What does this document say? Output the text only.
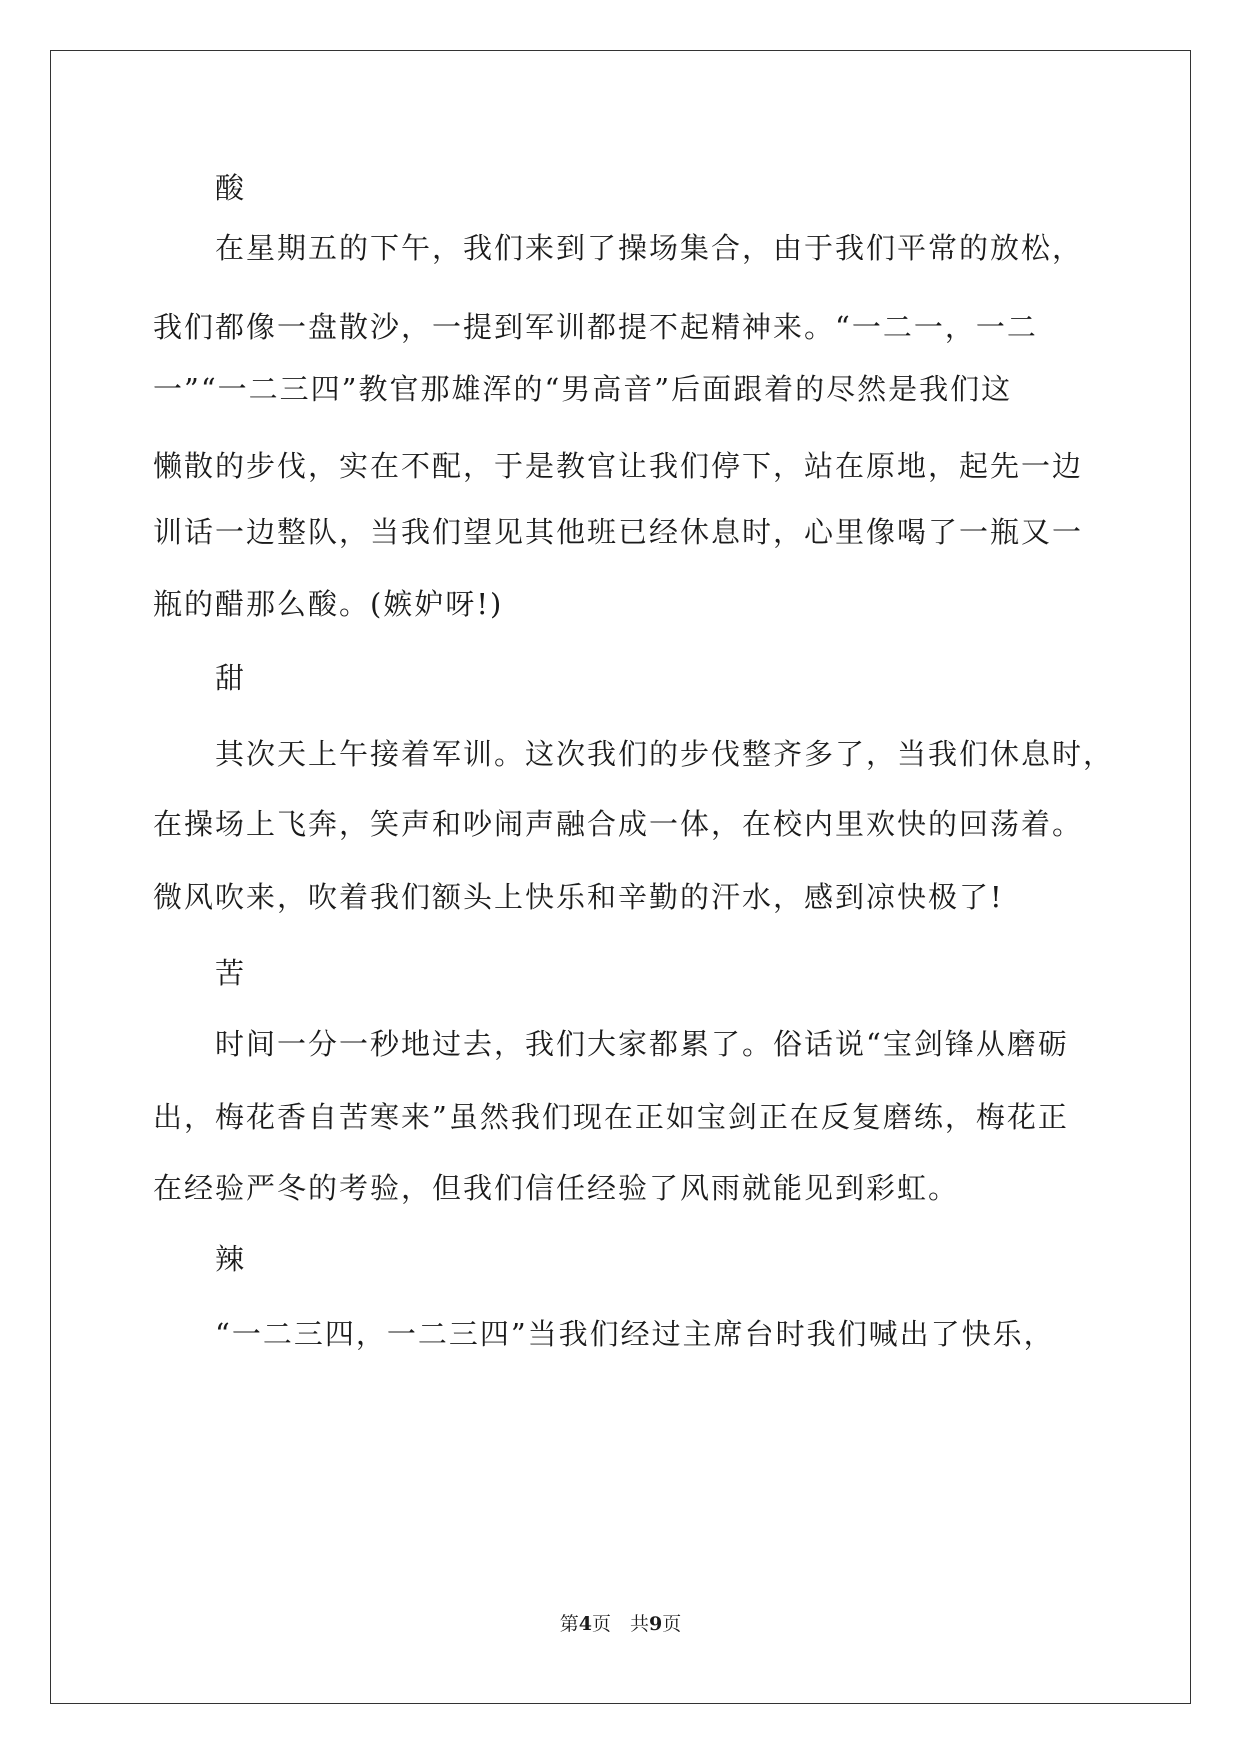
　　酸
　　在星期五的下午，我们来到了操场集合，由于我们平常的放松，
我们都像一盘散沙，一提到军训都提不起精神来。“一二一，一二
一”“一二三四”教官那雄浑的“男高音”后面跟着的尽然是我们这
懒散的步伐，实在不配，于是教官让我们停下，站在原地，起先一边
训话一边整队，当我们望见其他班已经休息时，心里像喝了一瓶又一
瓶的醋那么酸。(嫉妒呀!)
　　甜
　　其次天上午接着军训。这次我们的步伐整齐多了，当我们休息时，
在操场上飞奔，笑声和吵闹声融合成一体，在校内里欢快的回荡着。
微风吹来，吹着我们额头上快乐和辛勤的汗水，感到凉快极了!
　　苦
　　时间一分一秒地过去，我们大家都累了。俗话说“宝剑锋从磨砺
出，梅花香自苦寒来”虽然我们现在正如宝剑正在反复磨练，梅花正
在经验严冬的考验，但我们信任经验了风雨就能见到彩虹。
　　辣
　　“一二三四，一二三四”当我们经过主席台时我们喊出了快乐，
第4页　共9页
